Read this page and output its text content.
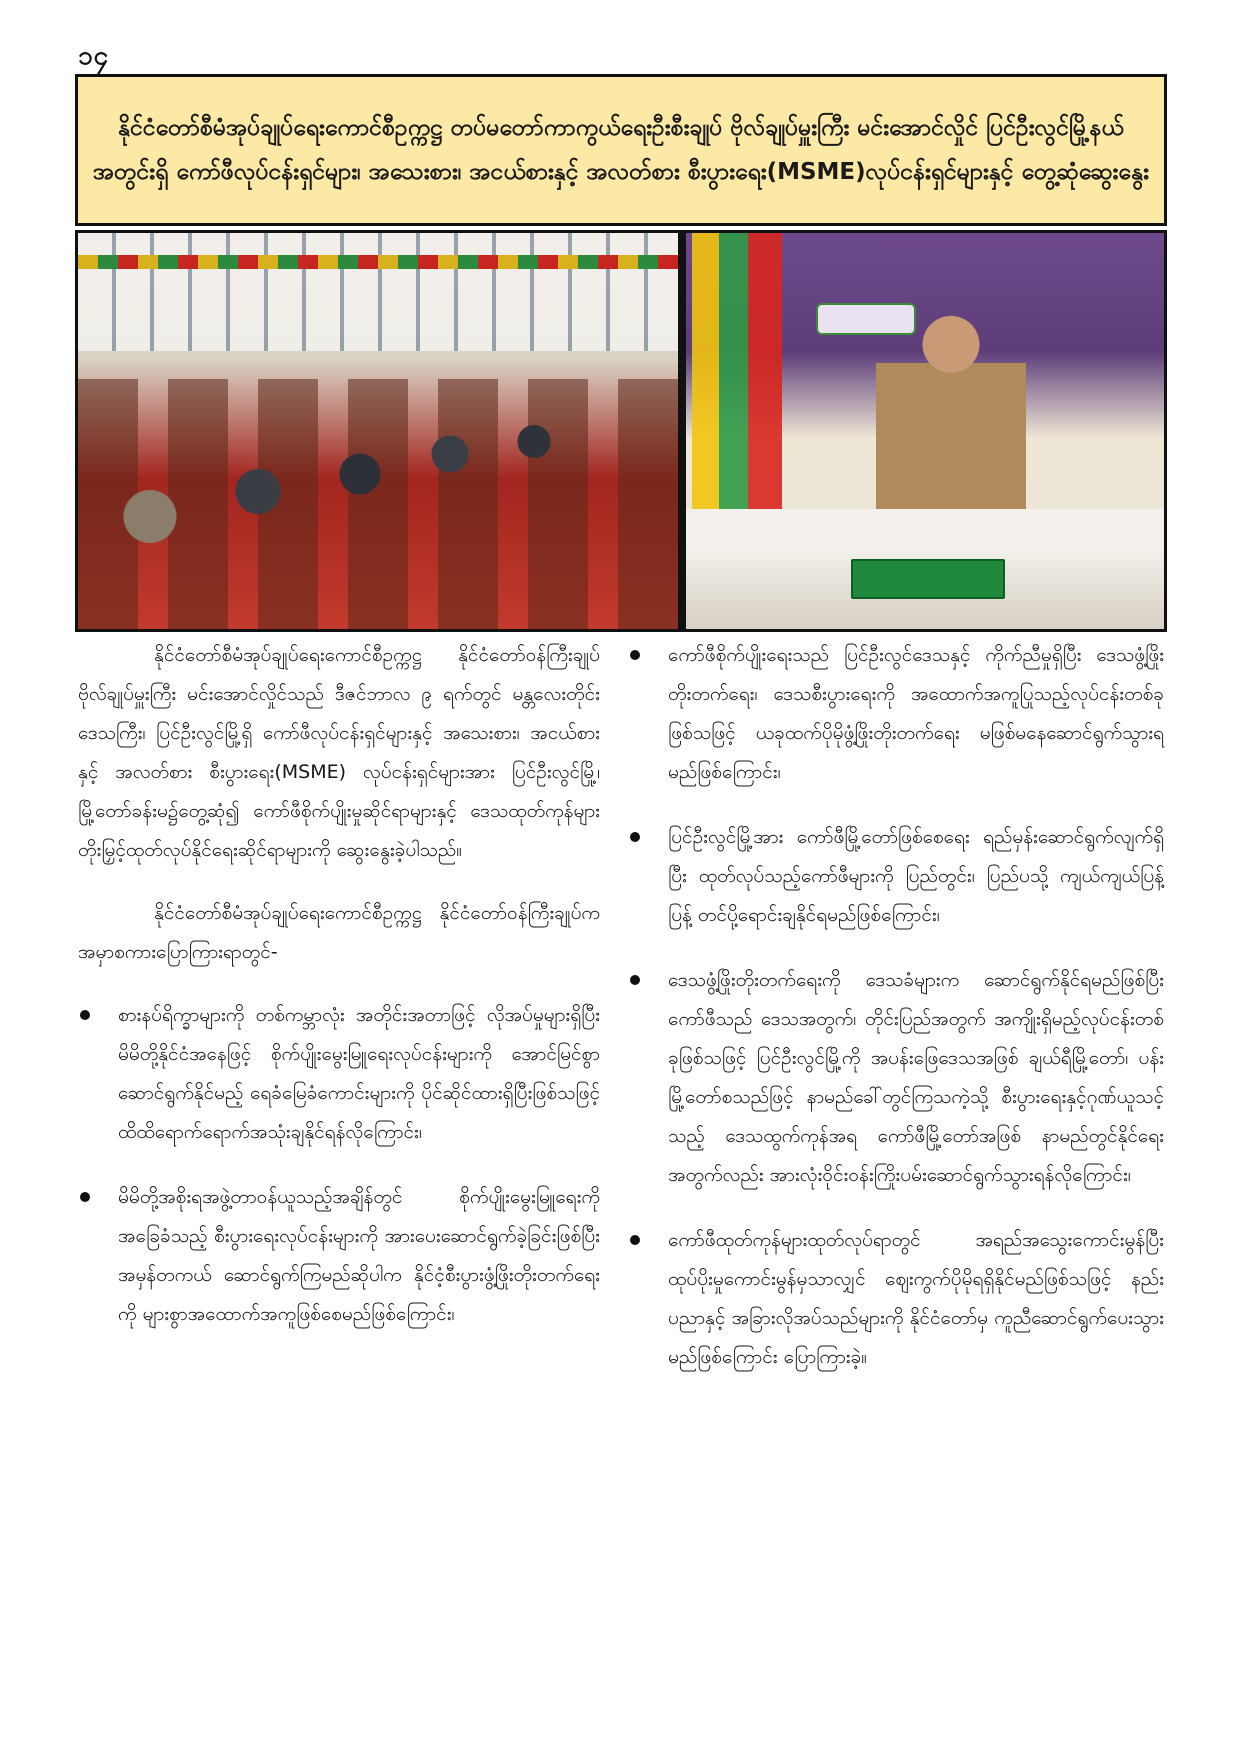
၁၄
နိုင်ငံတော်စီမံအုပ်ချုပ်ရေးကောင်စီဥက္ကဋ္ဌ တပ်မတော်ကာကွယ်ရေးဦးစီးချုပ် ဗိုလ်ချုပ်မှူးကြီး မင်းအောင်လှိုင် ပြင်ဦးလွင်မြို့နယ်အတွင်းရှိ ကော်ဖီလုပ်ငန်းရှင်များ၊ အသေးစား၊ အငယ်စားနှင့် အလတ်စား စီးပွားရေး(MSME)လုပ်ငန်းရှင်များနှင့် တွေ့ဆုံဆွေးနွေး

နိုင်ငံတော်စီမံအုပ်ချုပ်ရေးကောင်စီဥက္ကဋ္ဌ နိုင်ငံတော်ဝန်ကြီးချုပ် ဗိုလ်ချုပ်မှူးကြီး မင်းအောင်လှိုင်သည် ဒီဇင်ဘာလ ၉ ရက်တွင် မန္တလေးတိုင်းဒေသကြီး၊ ပြင်ဦးလွင်မြို့ရှိ ကော်ဖီလုပ်ငန်းရှင်များနှင့် အသေးစား၊ အငယ်စားနှင့် အလတ်စား စီးပွားရေး(MSME) လုပ်ငန်းရှင်များအား ပြင်ဦးလွင်မြို့၊ မြို့တော်ခန်းမ၌တွေ့ဆုံ၍ ကော်ဖီစိုက်ပျိုးမှုဆိုင်ရာများနှင့် ဒေသထုတ်ကုန်များတိုးမြှင့်ထုတ်လုပ်နိုင်ရေးဆိုင်ရာများကို ဆွေးနွေးခဲ့ပါသည်။

နိုင်ငံတော်စီမံအုပ်ချုပ်ရေးကောင်စီဥက္ကဋ္ဌ နိုင်ငံတော်ဝန်ကြီးချုပ်က အမှာစကားပြောကြားရာတွင်-

စားနပ်ရိက္ခာများကို တစ်ကမ္ဘာလုံး အတိုင်းအတာဖြင့် လိုအပ်မှုများရှိပြီး မိမိတို့နိုင်ငံအနေဖြင့် စိုက်ပျိုးမွေးမြူရေးလုပ်ငန်းများကို အောင်မြင်စွာဆောင်ရွက်နိုင်မည့် ရေခံမြေခံကောင်းများကို ပိုင်ဆိုင်ထားရှိပြီးဖြစ်သဖြင့် ထိထိရောက်ရောက်အသုံးချနိုင်ရန်လိုကြောင်း၊
မိမိတို့အစိုးရအဖွဲ့တာဝန်ယူသည့်အချိန်တွင် စိုက်ပျိုးမွေးမြူရေးကို အခြေခံသည့် စီးပွားရေးလုပ်ငန်းများကို အားပေးဆောင်ရွက်ခဲ့ခြင်းဖြစ်ပြီး အမှန်တကယ် ဆောင်ရွက်ကြမည်ဆိုပါက နိုင်ငံ့စီးပွားဖွံ့ဖြိုးတိုးတက်ရေးကို များစွာအထောက်အကူဖြစ်စေမည်ဖြစ်ကြောင်း၊
ကော်ဖီစိုက်ပျိုးရေးသည် ပြင်ဦးလွင်ဒေသနှင့် ကိုက်ညီမှုရှိပြီး ဒေသဖွံ့ဖြိုးတိုးတက်ရေး၊ ဒေသစီးပွားရေးကို အထောက်အကူပြုသည့်လုပ်ငန်းတစ်ခုဖြစ်သဖြင့် ယခုထက်ပိုမိုဖွံ့ဖြိုးတိုးတက်ရေး မဖြစ်မနေဆောင်ရွက်သွားရမည်ဖြစ်ကြောင်း၊
ပြင်ဦးလွင်မြို့အား ကော်ဖီမြို့တော်ဖြစ်စေရေး ရည်မှန်းဆောင်ရွက်လျက်ရှိပြီး ထုတ်လုပ်သည့်ကော်ဖီများကို ပြည်တွင်း၊ ပြည်ပသို့ ကျယ်ကျယ်ပြန့်ပြန့် တင်ပို့ရောင်းချနိုင်ရမည်ဖြစ်ကြောင်း၊
ဒေသဖွံ့ဖြိုးတိုးတက်ရေးကို ဒေသခံများက ဆောင်ရွက်နိုင်ရမည်ဖြစ်ပြီး ကော်ဖီသည် ဒေသအတွက်၊ တိုင်းပြည်အတွက် အကျိုးရှိမည့်လုပ်ငန်းတစ်ခုဖြစ်သဖြင့် ပြင်ဦးလွင်မြို့ကို အပန်းဖြေဒေသအဖြစ် ချယ်ရီမြို့တော်၊ ပန်းမြို့တော်စသည်ဖြင့် နာမည်ခေါ်တွင်ကြသကဲ့သို့ စီးပွားရေးနှင့်ဂုဏ်ယူသင့်သည့် ဒေသထွက်ကုန်အရ ကော်ဖီမြို့တော်အဖြစ် နာမည်တွင်နိုင်ရေးအတွက်လည်း အားလုံးဝိုင်းဝန်းကြိုးပမ်းဆောင်ရွက်သွားရန်လိုကြောင်း၊
ကော်ဖီထုတ်ကုန်များထုတ်လုပ်ရာတွင် အရည်အသွေးကောင်းမွန်ပြီး ထုပ်ပိုးမှုကောင်းမွန်မှသာလျှင် ဈေးကွက်ပိုမိုရရှိနိုင်မည်ဖြစ်သဖြင့် နည်းပညာနှင့် အခြားလိုအပ်သည်များကို နိုင်ငံတော်မှ ကူညီဆောင်ရွက်ပေးသွားမည်ဖြစ်ကြောင်း ပြောကြားခဲ့။
